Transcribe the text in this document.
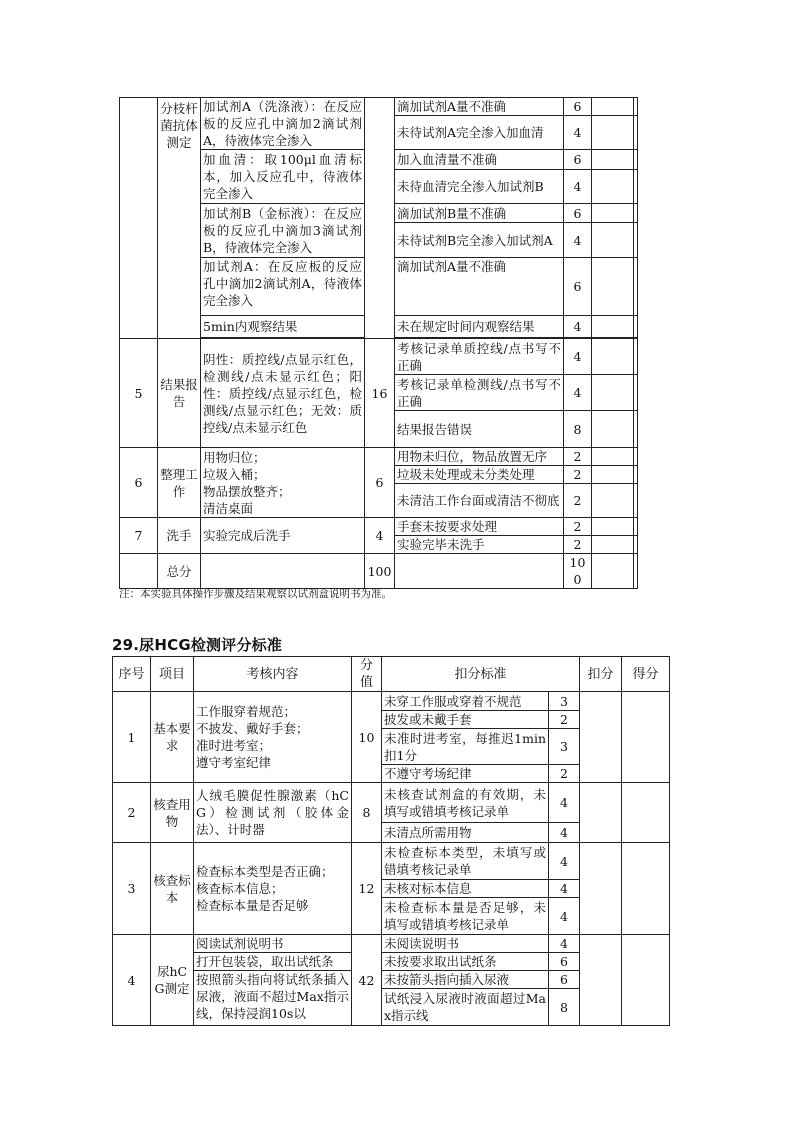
	分枝杆菌抗体测定	加试剂A（洗涤液）：在反应板的反应孔中滴加2滴试剂A，待液体完全渗入		滴加试剂A量不准确	6		
				未待试剂A完全渗入加血清	4		
		加血清：取100μl血清标本，加入反应孔中，待液体完全渗入		加入血清量不准确	6		
				未待血清完全渗入加试剂B	4		
		加试剂B（金标液）：在反应板的反应孔中滴加3滴试剂B，待液体完全渗入		滴加试剂B量不准确	6		
				未待试剂B完全渗入加试剂A	4		
		加试剂A：在反应板的反应孔中滴加2滴试剂A，待液体完全渗入		滴加试剂A量不准确	6		
		5min内观察结果		未在规定时间内观察结果	4		

5	结果报告	阴性：质控线/点显示红色，检测线/点未显示红色；阳性：质控线/点显示红色，检测线/点显示红色；无效：质控线/点未显示红色	16	考核记录单质控线/点书写不正确	4		
				考核记录单检测线/点书写不正确	4		
				结果报告错误	8		
6	整理工作	用物归位；
垃圾入桶；
物品摆放整齐；
清洁桌面	6	用物未归位，物品放置无序	2		
				垃圾未处理或未分类处理	2		
				未清洁工作台面或清洁不彻底	2		
7	洗手	实验完成后洗手	4	手套未按要求处理	2		
				实验完毕未洗手	2		
	总分		100		100		
注：本实验具体操作步骤及结果观察以试剂盒说明书为准。
29.尿HCG检测评分标准
序号	项目	考核内容	分值	扣分标准		扣分	得分
1	基本要求	工作服穿着规范；
不披发、戴好手套；
准时进考室；
遵守考室纪律	10	未穿工作服或穿着不规范	3		
				披发或未戴手套	2		
				未准时进考室，每推迟1min扣1分	3		
				不遵守考场纪律	2		
2	核查用物	人绒毛膜促性腺激素（hCG）检测试剂（胶体金法）、计时器	8	未核查试剂盒的有效期，未填写或错填考核记录单	4		
				未清点所需用物	4		
3	核查标本	检查标本类型是否正确；
核查标本信息；
检查标本量是否足够	12	未检查标本类型，未填写或错填考核记录单	4		
				未核对标本信息	4		
				未检查标本量是否足够，未填写或错填考核记录单	4		
4	尿hCG测定	阅读试剂说明书	42	未阅读说明书	4		
		打开包装袋，取出试纸条		未按要求取出试纸条	6		
		按照箭头指向将试纸条插入尿液，液面不超过Max指示线，保持浸润10s以		未按箭头指向插入尿液	6		
				试纸浸入尿液时液面超过Max指示线	8		
